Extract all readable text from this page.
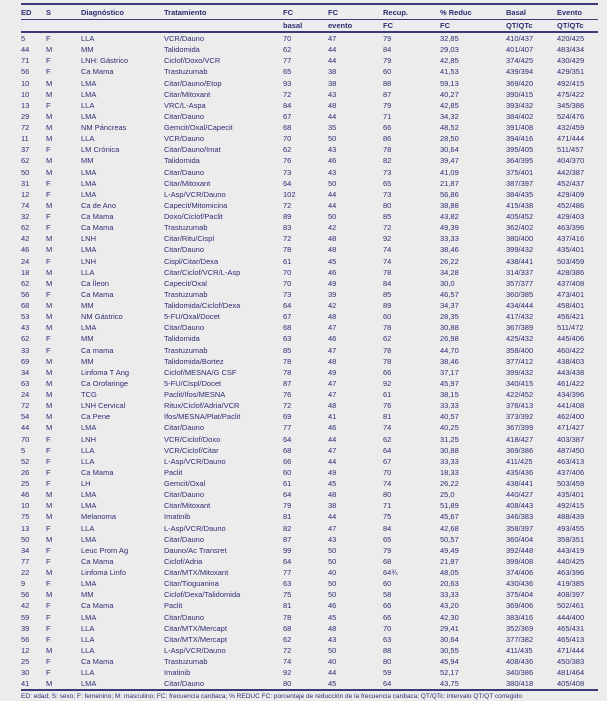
ED	S	Diagnóstico	Tratamiento	FC	FC	Recup.	% Reduc	Basal	Evento
				basal	evento	FC	FC	QT/QTc	QT/QTc
5	F	LLA	VCR/Dauno	70	47	79	32,85	410/437	420/425
44	M	MM	Talidomida	62	44	84	29,03	401/407	483/434
71	F	LNH: Gástrico	Ciclof/Doxo/VCR	77	44	79	42,85	374/425	430/429
56	F	Ca Mama	Trastuzumab	65	38	60	41,53	439/394	429/351
10	M	LMA	Citar/Dauno/Etop	93	38	88	59,13	369/420	492/415
10	M	LMA	Citar/Mitoxant	72	43	87	40,27	390/415	475/422
13	F	LLA	VRC/L-Aspa	84	48	79	42,85	393/432	345/386
29	M	LMA	Citar/Dauno	67	44	71	34,32	384/402	524/476
72	M	NM Páncreas	Gemcit/Oxal/Capecit	68	35	66	48,52	391/408	432/459
11	M	LLA	VCR/Dauno	70	50	86	28,50	394/416	471/444
37	F	LM Crónica	Citar/Dauno/Imat	62	43	78	30,64	395/405	511/457
62	M	MM	Talidomida	76	46	82	39,47	364/395	404/370
50	M	LMA	Citar/Dauno	73	43	73	41,09	375/401	442/387
31	F	LMA	Citar/Mitoxant	64	50	65	21,87	387/397	452/437
12	F	LMA	L-Asp/VCR/Dauno	102	44	73	56,86	384/435	429/409
74	M	Ca de Ano	Capecit/Mitomicina	72	44	80	38,88	415/438	452/486
32	F	Ca Mama	Doxo/Ciclof/Paclit	89	50	85	43,82	405/452	429/403
62	F	Ca Mama	Trastuzumab	83	42	72	49,39	362/402	463/396
42	M	LNH	Citar/Ritu/Cispl	72	48	92	33,33	380/400	437/416
46	M	LMA	Citar/Dauno	78	48	74	38,46	399/432	435/401
24	F	LNH	Cispl/Citar/Dexa	61	45	74	26,22	438/441	503/459
18	M	LLA	Citar/Ciclof/VCR/L-Asp	70	46	78	34,28	314/337	428/386
62	M	Ca Íleon	Capecit/Oxal	70	49	84	30,0	357/377	437/408
56	F	Ca Mama	Trastuzumab	73	39	85	46,57	360/385	473/401
68	M	MM	Talidomida/Ciclof/Dexa	64	42	89	34,37	434/444	458/401
53	M	NM Gástrico	5-FU/Oxal/Docet	67	48	60	28,35	417/432	456/421
43	M	LMA	Citar/Dauno	68	47	78	30,88	367/389	511/472
62	F	MM	Talidomida	63	46	62	26,98	425/432	445/406
33	F	Ca mama	Trastuzumab	85	47	78	44,70	358/400	460/422
69	M	MM	Talidomida/Bortez	78	48	78	38,46	377/412	438/403
34	M	Linfoma T Ang	Ciclof/MESNA/G CSF	78	49	66	37,17	399/432	443/438
63	M	Ca Orofaringe	5-FU/Cispl/Docet	87	47	92	45,97	340/415	461/422
24	M	TCG	Paclit/Ifos/MESNA	76	47	61	38,15	422/452	434/396
72	M	LNH Cervical	Ritux/Ciclof/Adria/VCR	72	48	76	33,33	376/413	441/408
54	M	Ca Pene	Ifos/MESNA/Plat/Paclit	69	41	81	40,57	373/392	462/400
44	M	LMA	Citar/Dauno	77	46	74	40,25	367/399	471/427
70	F	LNH	VCR/Ciclof/Doxo	64	44	62	31,25	418/427	403/387
5	F	LLA	VCR/Ciclof/Citar	68	47	64	30,88	369/386	487/450
52	F	LLA	L-Asp/VCR/Dauno	66	44	67	33,33	411/425	463/413
26	F	Ca Mama	Paclit	60	49	70	18,33	435/436	437/406
25	F	LH	Gemcit/Oxal	61	45	74	26,22	438/441	503/459
46	M	LMA	Citar/Dauno	64	48	80	25,0	440/427	435/401
10	M	LMA	Citar/Mitoxant	79	38	71	51,89	408/443	492/415
75	M	Melanoma	Imatinib	81	44	75	45,67	346/383	488/439
13	F	LLA	L-Asp/VCR/Dauno	82	47	84	42,68	358/397	493/455
50	M	LMA	Citar/Dauno	87	43	65	50,57	360/404	358/351
34	F	Leuc Prom Ag	Dauno/Ac Transret	99	50	79	49,49	392/448	443/419
77	F	Ca Mama	Ciclof/Adria	64	50	68	21,87	399/408	440/425
22	M	Linfoma Linfo	Citar/MTX/Mitoxant	77	40	64¾	48,05	374/406	463/396
9	F	LMA	Citar/Tioguanina	63	50	60	20,63	430/436	419/385
56	M	MM	Ciclof/Dexa/Talidomida	75	50	58	33,33	375/404	408/397
42	F	Ca Mama	Paclit	81	46	66	43,20	369/406	502/461
59	F	LMA	Citar/Dauno	78	45	66	42,30	383/416	444/400
39	F	LLA	Citar/MTX/Mercapt	68	48	70	29,41	352/369	465/431
56	F	LLA	Citar/MTX/Mercapt	62	43	63	30,64	377/382	465/413
12	M	LLA	L-Asp/VCR/Dauno	72	50	88	30,55	411/435	471/444
25	F	Ca Mama	Trastuzumab	74	40	80	45,94	408/436	450/383
30	F	LLA	Imatinib	92	44	59	52,17	340/386	481/464
41	M	LMA	Citar/Dauno	80	45	64	43,75	380/418	405/408
ED: edad; S: sexo; F: femenino; M: masculino; FC: frecuencia cardiaca; % REDUC FC: porcentaje de reducción de la frecuencia cardiaca; QT/QTc: intervalo QT/QT corregido
